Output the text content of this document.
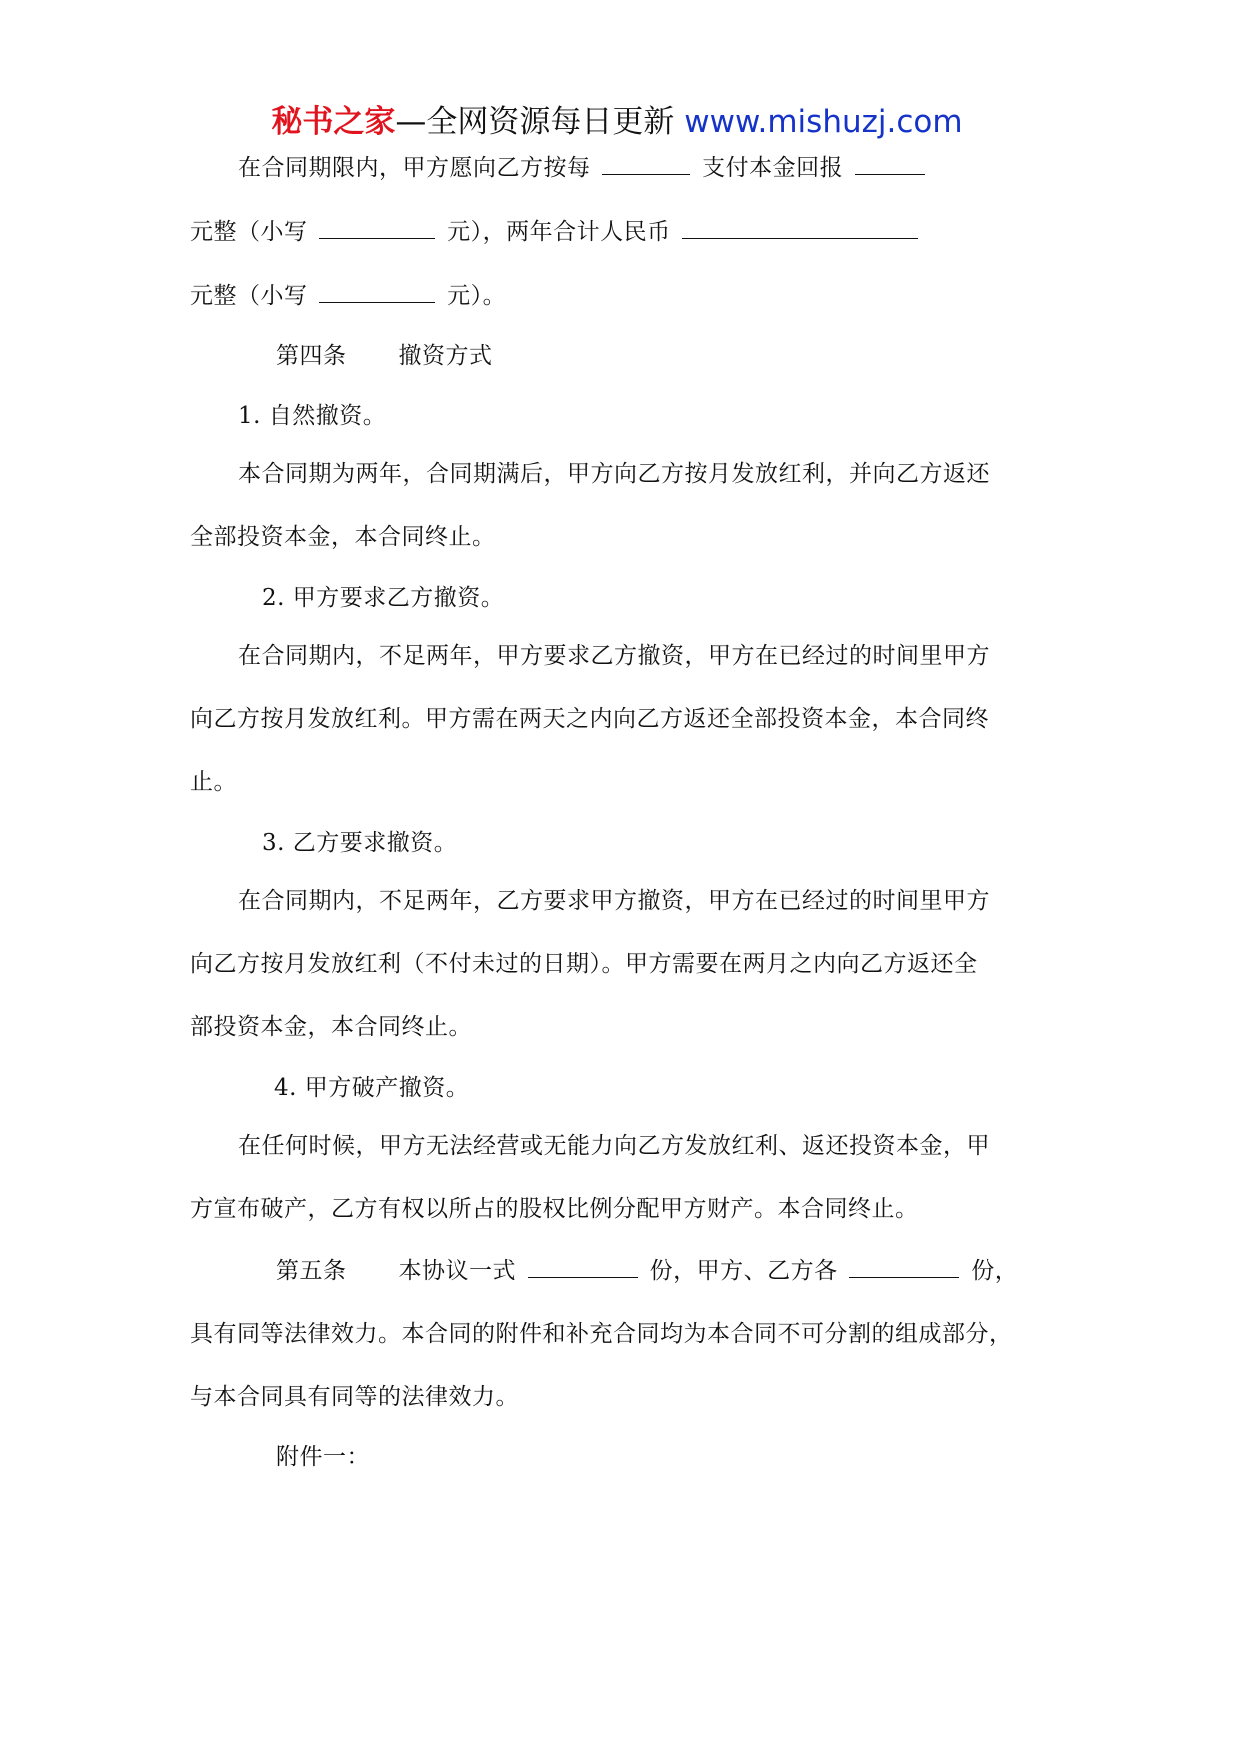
秘书之家—全网资源每日更新 www.mishuzj.com
在合同期限内，甲方愿向乙方按每	支付本金回报
元整（小写	元），两年合计人民币
元整（小写	元）。
第四条 撤资方式
1. 自然撤资。
本合同期为两年，合同期满后，甲方向乙方按月发放红利，并向乙方返还
全部投资本金，本合同终止。
2. 甲方要求乙方撤资。
在合同期内，不足两年，甲方要求乙方撤资，甲方在已经过的时间里甲方
向乙方按月发放红利。甲方需在两天之内向乙方返还全部投资本金，本合同终
止。
3. 乙方要求撤资。
在合同期内，不足两年，乙方要求甲方撤资，甲方在已经过的时间里甲方
向乙方按月发放红利（不付未过的日期）。甲方需要在两月之内向乙方返还全
部投资本金，本合同终止。
4. 甲方破产撤资。
在任何时候，甲方无法经营或无能力向乙方发放红利、返还投资本金，甲
方宣布破产，乙方有权以所占的股权比例分配甲方财产。本合同终止。
第五条 本协议一式	份，甲方、乙方各	份，
具有同等法律效力。本合同的附件和补充合同均为本合同不可分割的组成部分，
与本合同具有同等的法律效力。
附件一：
